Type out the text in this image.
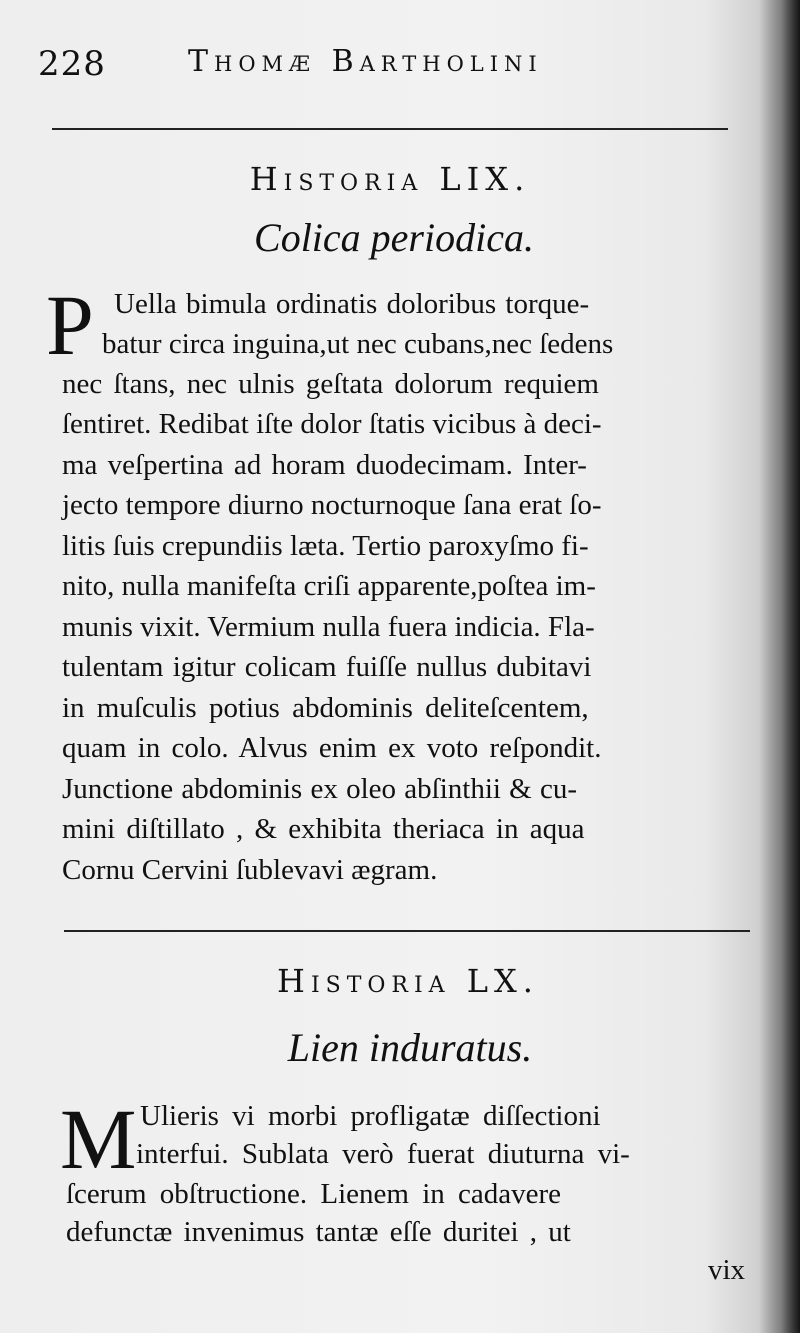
228	Thomæ Bartholini
Historia LIX.
Colica periodica.
P Uella bimula ordinatis doloribus torque-
batur circa inguina,ut nec cubans,nec ſedens
nec ſtans, nec ulnis geſtata dolorum requiem
ſentiret. Redibat iſte dolor ſtatis vicibus à deci-
ma veſpertina ad horam duodecimam. Inter-
jecto tempore diurno nocturnoque ſana erat ſo-
litis ſuis crepundiis læta. Tertio paroxyſmo fi-
nito, nulla manifeſta criſi apparente,poſtea im-
munis vixit. Vermium nulla fuera indicia. Fla-
tulentam igitur colicam fuiſſe nullus dubitavi
in muſculis potius abdominis deliteſcentem,
quam in colo. Alvus enim ex voto reſpondit.
Junctione abdominis ex oleo abſinthii & cu-
mini diſtillato , & exhibita theriaca in aqua
Cornu Cervini ſublevavi ægram.
Historia LX.
Lien induratus.
M Ulieris vi morbi profligatæ diſſectioni
interfui. Sublata verò fuerat diuturna vi-
ſcerum obſtructione. Lienem in cadavere
defunctæ invenimus tantæ eſſe duritei , ut
vix
